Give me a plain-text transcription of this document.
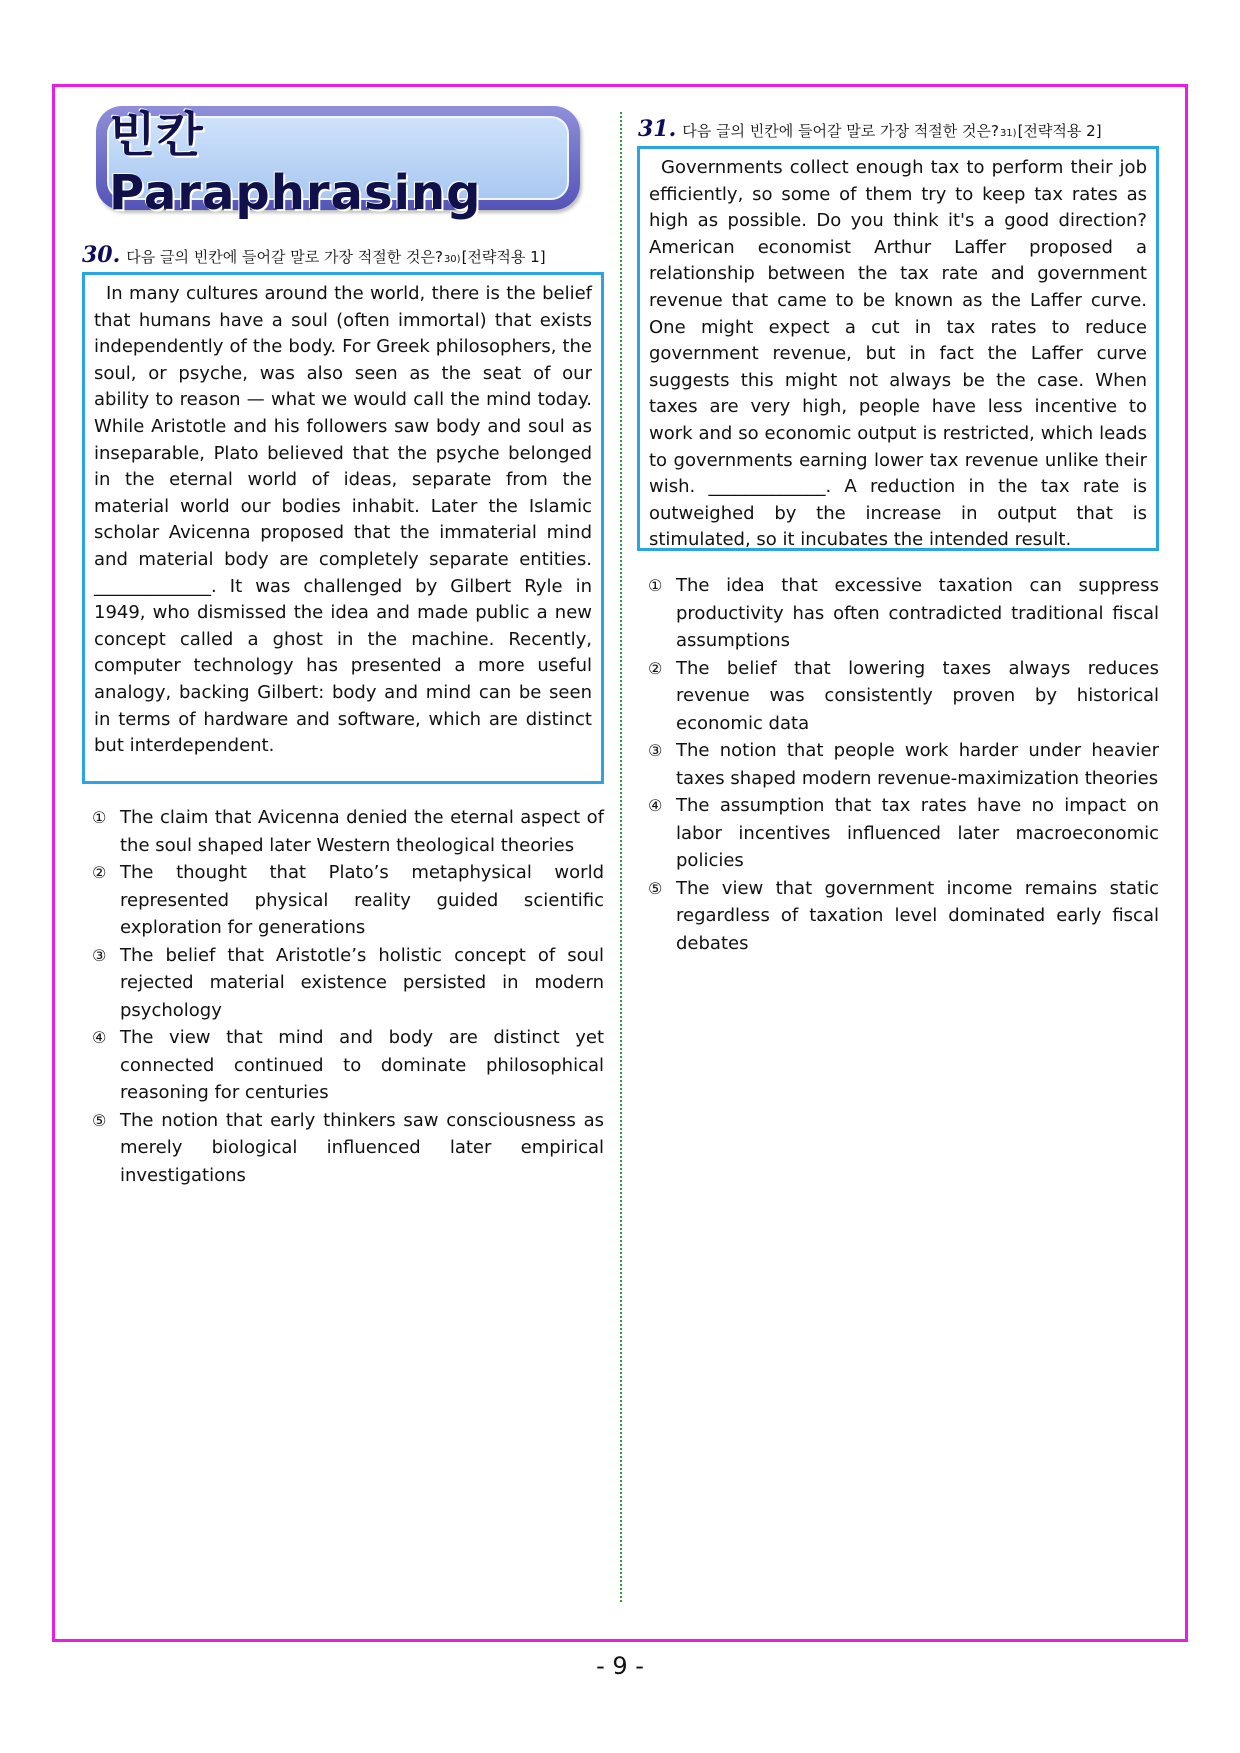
빈칸 Paraphrasing
30. 다음 글의 빈칸에 들어갈 말로 가장 적절한 것은? 30) [전략적용 1]
In many cultures around the world, there is the belief that humans have a soul (often immortal) that exists independently of the body. For Greek philosophers, the soul, or psyche, was also seen as the seat of our ability to reason — what we would call the mind today. While Aristotle and his followers saw body and soul as inseparable, Plato believed that the psyche belonged in the eternal world of ideas, separate from the material world our bodies inhabit. Later the Islamic scholar Avicenna proposed that the immaterial mind and material body are completely separate entities. _____________. It was challenged by Gilbert Ryle in 1949, who dismissed the idea and made public a new concept called a ghost in the machine. Recently, computer technology has presented a more useful analogy, backing Gilbert: body and mind can be seen in terms of hardware and software, which are distinct but interdependent.
① The claim that Avicenna denied the eternal aspect of the soul shaped later Western theological theories
② The thought that Plato’s metaphysical world represented physical reality guided scientific exploration for generations
③ The belief that Aristotle’s holistic concept of soul rejected material existence persisted in modern psychology
④ The view that mind and body are distinct yet connected continued to dominate philosophical reasoning for centuries
⑤ The notion that early thinkers saw consciousness as merely biological influenced later empirical investigations
31. 다음 글의 빈칸에 들어갈 말로 가장 적절한 것은? 31) [전략적용 2]
Governments collect enough tax to perform their job efficiently, so some of them try to keep tax rates as high as possible. Do you think it's a good direction? American economist Arthur Laffer proposed a relationship between the tax rate and government revenue that came to be known as the Laffer curve. One might expect a cut in tax rates to reduce government revenue, but in fact the Laffer curve suggests this might not always be the case. When taxes are very high, people have less incentive to work and so economic output is restricted, which leads to governments earning lower tax revenue unlike their wish. _____________. A reduction in the tax rate is outweighed by the increase in output that is stimulated, so it incubates the intended result.
① The idea that excessive taxation can suppress productivity has often contradicted traditional fiscal assumptions
② The belief that lowering taxes always reduces revenue was consistently proven by historical economic data
③ The notion that people work harder under heavier taxes shaped modern revenue-maximization theories
④ The assumption that tax rates have no impact on labor incentives influenced later macroeconomic policies
⑤ The view that government income remains static regardless of taxation level dominated early fiscal debates
- 9 -
